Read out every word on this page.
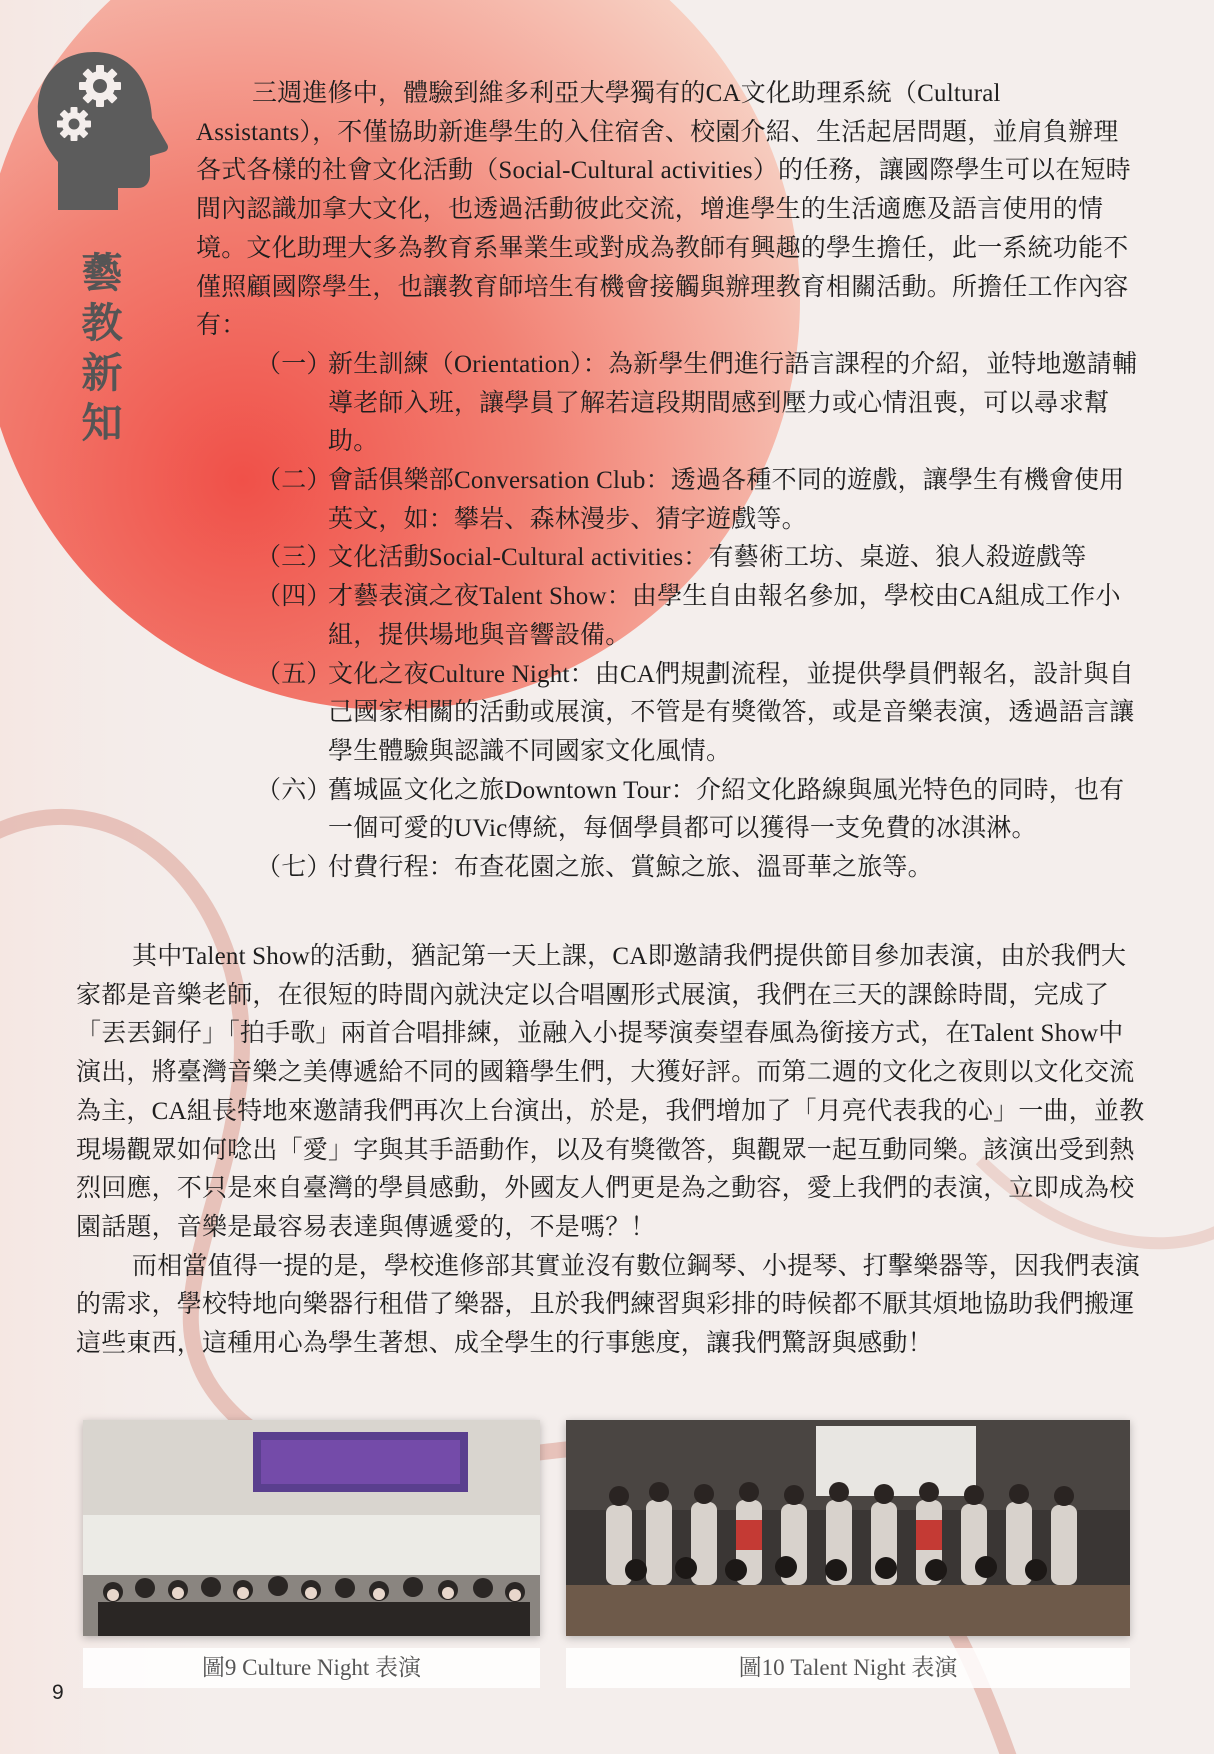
藝
教
新
知

三週進修中，體驗到維多利亞大學獨有的CA文化助理系統（Cultural Assistants），不僅協助新進學生的入住宿舍、校園介紹、生活起居問題，並肩負辦理各式各樣的社會文化活動（Social-Cultural activities）的任務，讓國際學生可以在短時間內認識加拿大文化，也透過活動彼此交流，增進學生的生活適應及語言使用的情境。文化助理大多為教育系畢業生或對成為教師有興趣的學生擔任，此一系統功能不僅照顧國際學生，也讓教育師培生有機會接觸與辦理教育相關活動。所擔任工作內容有：

（一）
新生訓練（Orientation）：為新學生們進行語言課程的介紹，並特地邀請輔導老師入班，讓學員了解若這段期間感到壓力或心情沮喪，可以尋求幫助。
（二）
會話俱樂部Conversation Club：透過各種不同的遊戲，讓學生有機會使用英文，如：攀岩、森林漫步、猜字遊戲等。
（三）
文化活動Social-Cultural activities：有藝術工坊、桌遊、狼人殺遊戲等
（四）
才藝表演之夜Talent Show：由學生自由報名參加，學校由CA組成工作小組，提供場地與音響設備。
（五）
文化之夜Culture Night：由CA們規劃流程，並提供學員們報名，設計與自己國家相關的活動或展演，不管是有獎徵答，或是音樂表演，透過語言讓學生體驗與認識不同國家文化風情。
（六）
舊城區文化之旅Downtown Tour：介紹文化路線與風光特色的同時，也有一個可愛的UVic傳統，每個學員都可以獲得一支免費的冰淇淋。
（七）
付費行程：布查花園之旅、賞鯨之旅、溫哥華之旅等。

其中Talent Show的活動，猶記第一天上課，CA即邀請我們提供節目參加表演，由於我們大家都是音樂老師，在很短的時間內就決定以合唱團形式展演，我們在三天的課餘時間，完成了「丟丟銅仔」「拍手歌」兩首合唱排練，並融入小提琴演奏望春風為銜接方式，在Talent Show中演出，將臺灣音樂之美傳遞給不同的國籍學生們，大獲好評。而第二週的文化之夜則以文化交流為主，CA組長特地來邀請我們再次上台演出，於是，我們增加了「月亮代表我的心」一曲，並教現場觀眾如何唸出「愛」字與其手語動作，以及有獎徵答，與觀眾一起互動同樂。該演出受到熱烈回應，不只是來自臺灣的學員感動，外國友人們更是為之動容，愛上我們的表演，立即成為校園話題，音樂是最容易表達與傳遞愛的，不是嗎？！

而相當值得一提的是，學校進修部其實並沒有數位鋼琴、小提琴、打擊樂器等，因我們表演的需求，學校特地向樂器行租借了樂器，且於我們練習與彩排的時候都不厭其煩地協助我們搬運這些東西，這種用心為學生著想、成全學生的行事態度，讓我們驚訝與感動！

圖9 Culture Night 表演	圖10 Talent Night 表演
9
